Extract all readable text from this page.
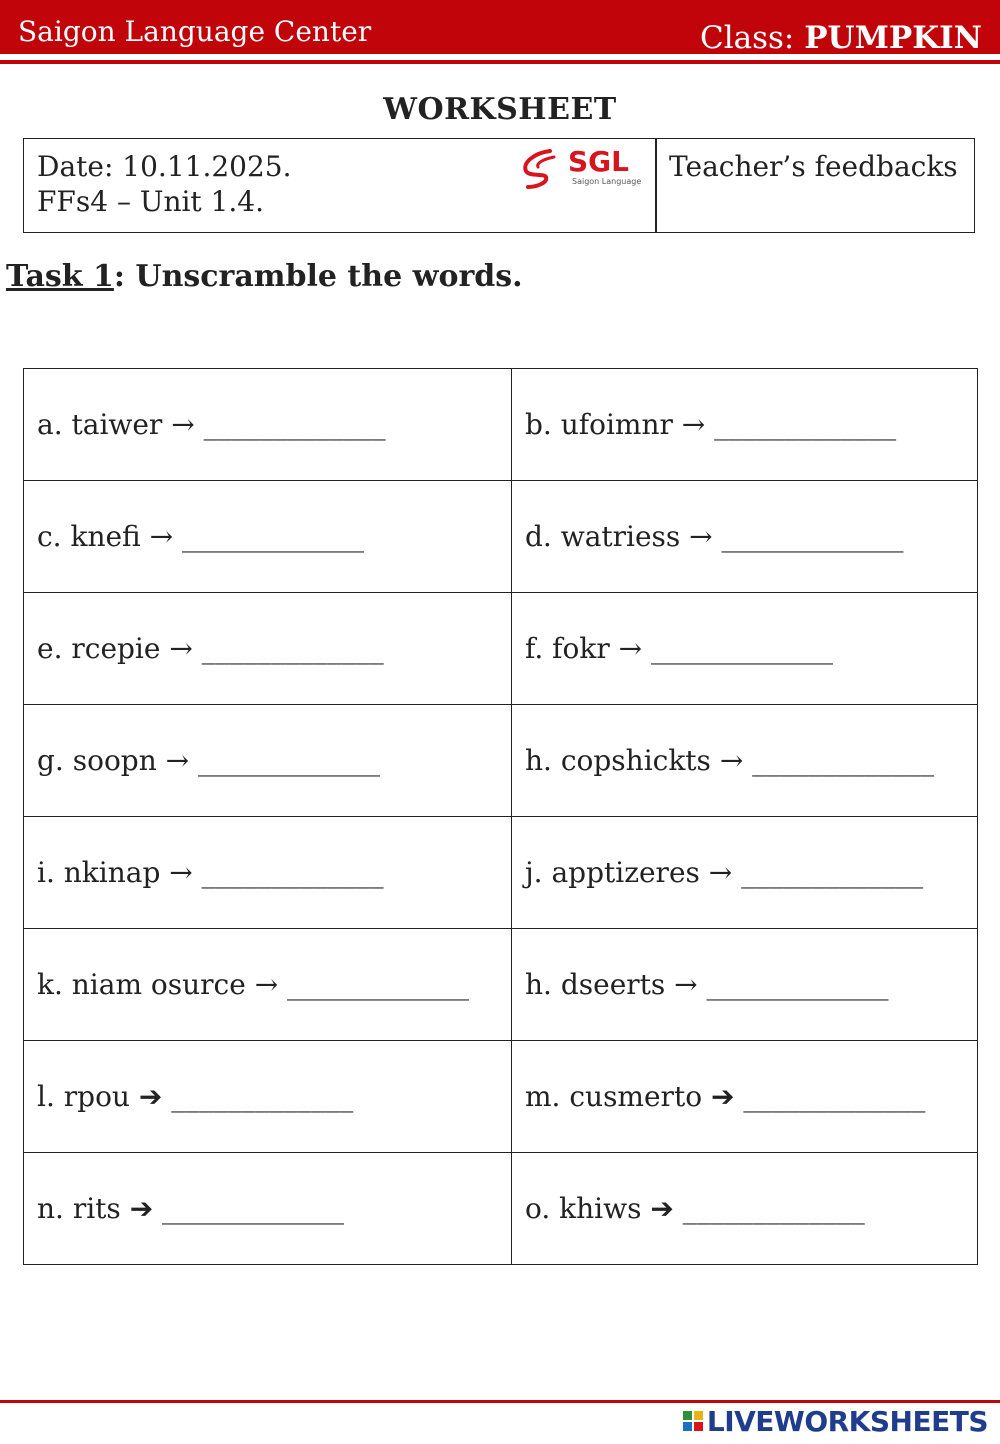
Saigon Language Center	Class: PUMPKIN
WORKSHEET
Date: 10.11.2025.
FFs4 – Unit 1.4.
SGL
Saigon Language Teacher’s feedbacks
Task 1: Unscramble the words.
a. taiwer → _____________	b. ufoimnr → _____________
c. knefi → _____________	d. watriess → _____________
e. rcepie → _____________	f. fokr → _____________
g. soopn → _____________	h. copshickts → _____________
i. nkinap → _____________	j. apptizeres → _____________
k. niam osurce → _____________	h. dseerts → _____________
l. rpou ➔ _____________	m. cusmerto ➔ _____________
n. rits ➔ _____________	o. khiws ➔ _____________
LIVEWORKSHEETS
